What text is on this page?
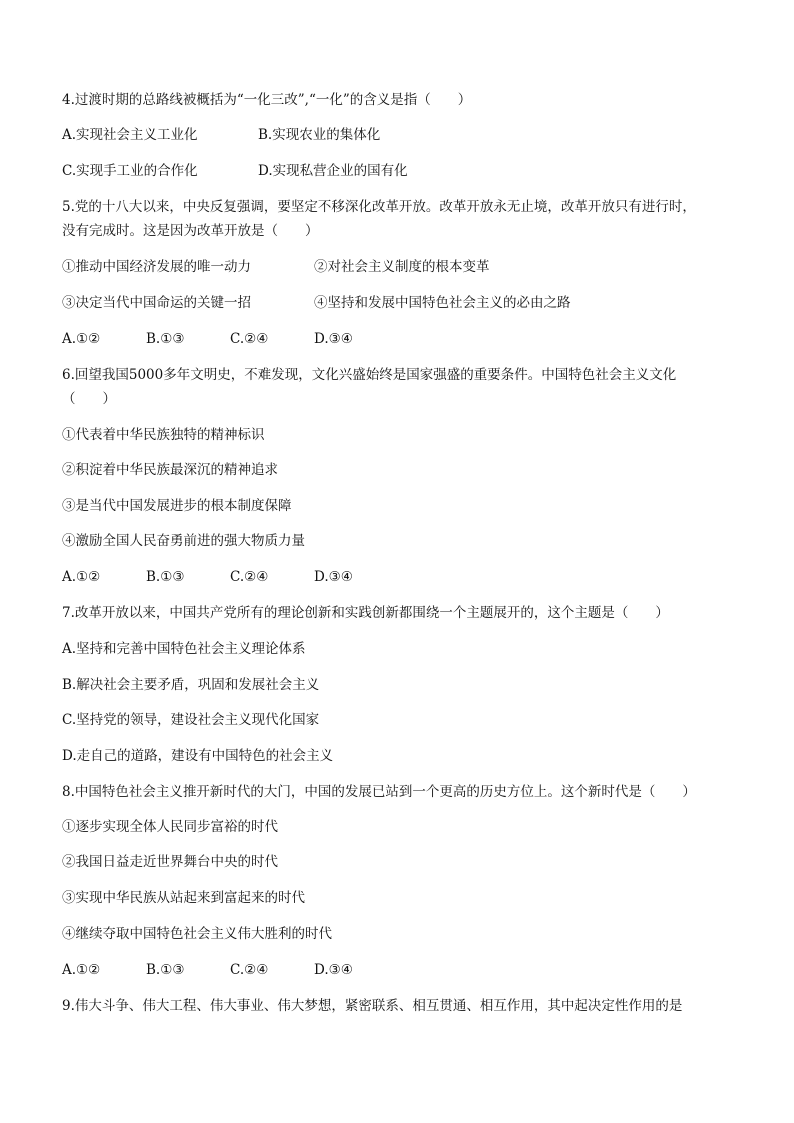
4.过渡时期的总路线被概括为“一化三改”,“一化”的含义是指（　　）
A.实现社会主义工业化	B.实现农业的集体化
C.实现手工业的合作化	D.实现私营企业的国有化
5.党的十八大以来，中央反复强调，要坚定不移深化改革开放。改革开放永无止境，改革开放只有进行时，
没有完成时。这是因为改革开放是（　　）
①推动中国经济发展的唯一动力	②对社会主义制度的根本变革
③决定当代中国命运的关键一招	④坚持和发展中国特色社会主义的必由之路
A.①②	B.①③	C.②④	D.③④
6.回望我国5000多年文明史，不难发现，文化兴盛始终是国家强盛的重要条件。中国特色社会主义文化
（　　）
①代表着中华民族独特的精神标识
②积淀着中华民族最深沉的精神追求
③是当代中国发展进步的根本制度保障
④激励全国人民奋勇前进的强大物质力量
A.①②	B.①③	C.②④	D.③④
7.改革开放以来，中国共产党所有的理论创新和实践创新都围绕一个主题展开的，这个主题是（　　）
A.坚持和完善中国特色社会主义理论体系
B.解决社会主要矛盾，巩固和发展社会主义
C.坚持党的领导，建设社会主义现代化国家
D.走自己的道路，建设有中国特色的社会主义
8.中国特色社会主义推开新时代的大门，中国的发展已站到一个更高的历史方位上。这个新时代是（　　）
①逐步实现全体人民同步富裕的时代
②我国日益走近世界舞台中央的时代
③实现中华民族从站起来到富起来的时代
④继续夺取中国特色社会主义伟大胜利的时代
A.①②	B.①③	C.②④	D.③④
9.伟大斗争、伟大工程、伟大事业、伟大梦想，紧密联系、相互贯通、相互作用，其中起决定性作用的是
